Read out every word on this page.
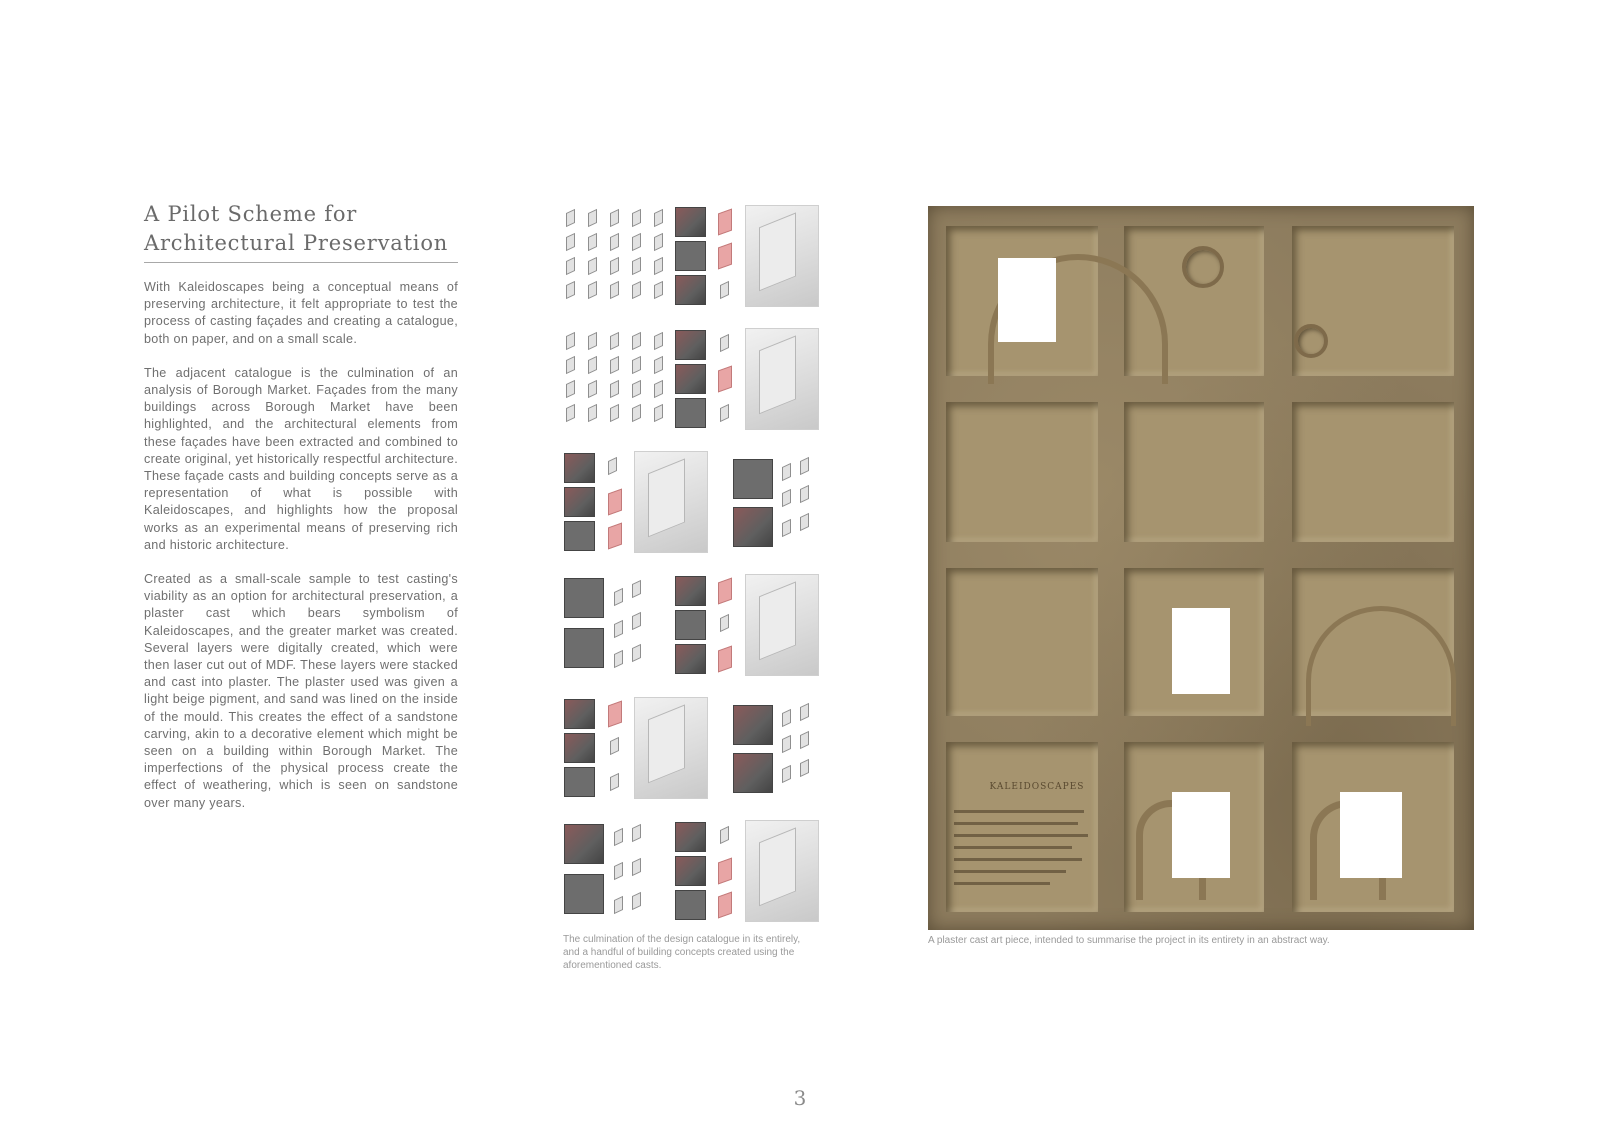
A Pilot Scheme for
Architectural Preservation

With Kaleidoscapes being a conceptual means of preserving architecture, it felt appropriate to test the process of casting façades and creating a catalogue, both on paper, and on a small scale.

The adjacent catalogue is the culmination of an analysis of Borough Market. Façades from the many buildings across Borough Market have been highlighted, and the architectural elements from these façades have been extracted and combined to create original, yet historically respectful architecture. These façade casts and building concepts serve as a representation of what is possible with Kaleidoscapes, and highlights how the proposal works as an experimental means of preserving rich and historic architecture.

Created as a small-scale sample to test casting's viability as an option for architectural preservation, a plaster cast which bears symbolism of Kaleidoscapes, and the greater market was created. Several layers were digitally created, which were then laser cut out of MDF. These layers were stacked and cast into plaster. The plaster used was given a light beige pigment, and sand was lined on the inside of the mould. This creates the effect of a sandstone carving, akin to a decorative element which might be seen on a building within Borough Market. The imperfections of the physical process create the effect of weathering, which is seen on sandstone over many years.

The culmination of the design catalogue in its entirely, and a handful of building concepts created using the aforementioned casts.
KALEIDOSCAPES
A plaster cast art piece, intended to summarise the project in its entirety in an abstract way.
3
